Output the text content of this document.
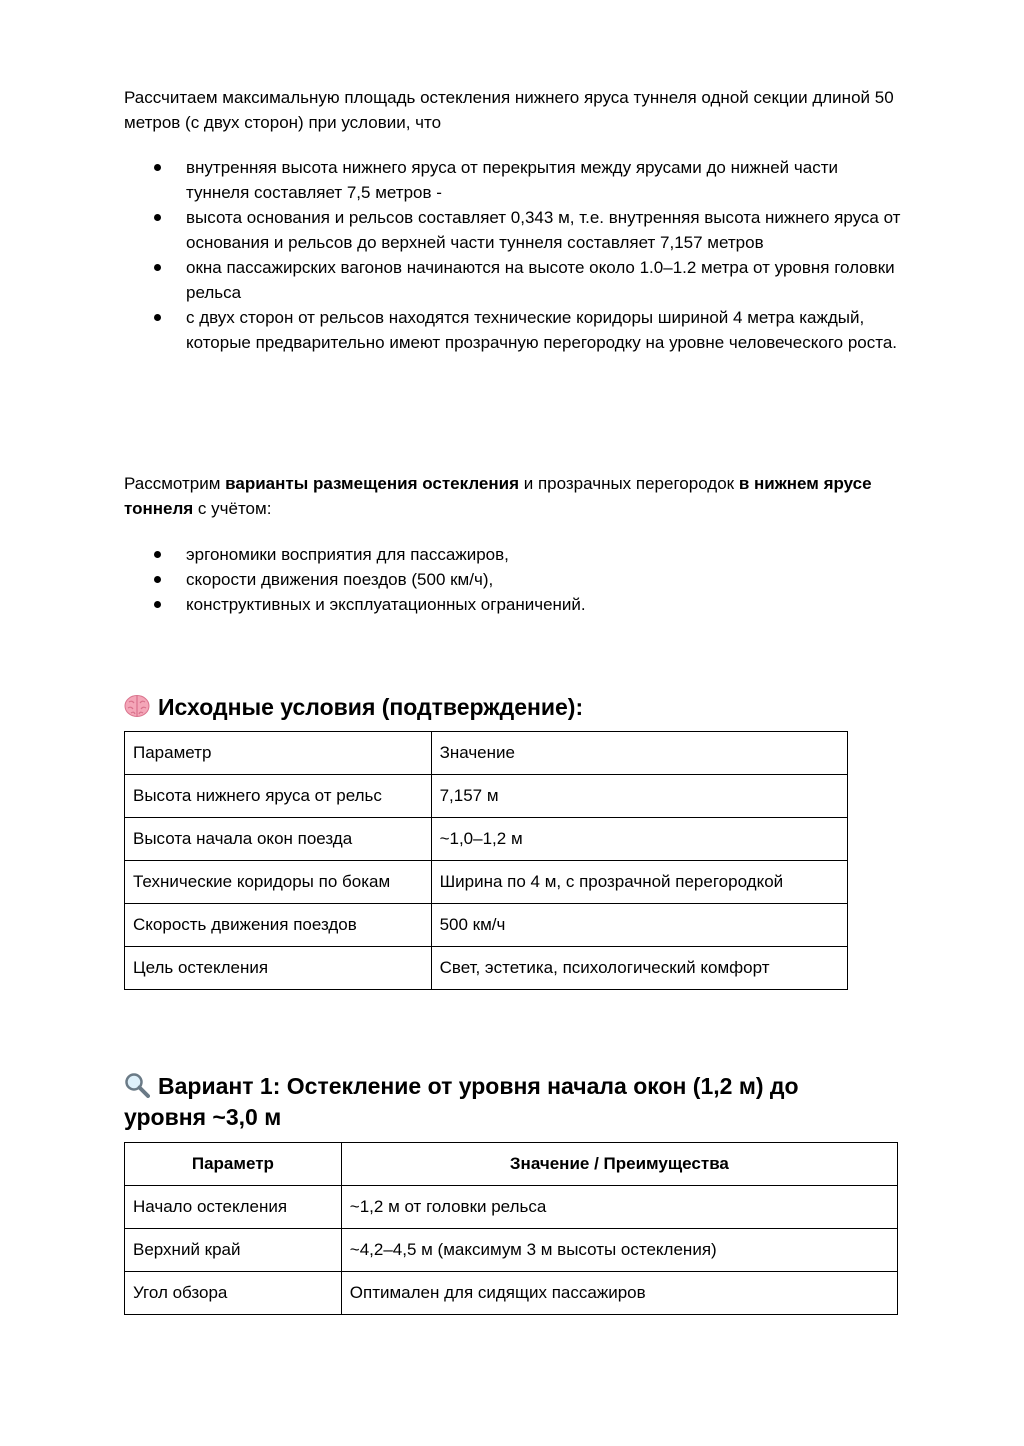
Рассчитаем максимальную площадь остекления нижнего яруса туннеля одной секции длиной 50 метров (с двух сторон) при условии, что

внутренняя высота нижнего яруса от перекрытия между ярусами до нижней части туннеля составляет 7,5 метров -
высота основания и рельсов составляет 0,343 м, т.е. внутренняя высота нижнего яруса от основания и рельсов до верхней части туннеля составляет 7,157 метров
окна пассажирских вагонов начинаются на высоте около 1.0–1.2 метра от уровня головки рельса
с двух сторон от рельсов находятся технические коридоры шириной 4 метра каждый, которые предварительно имеют прозрачную перегородку на уровне человеческого роста.

Рассмотрим варианты размещения остекления и прозрачных перегородок в нижнем ярусе тоннеля с учётом:

эргономики восприятия для пассажиров,
скорости движения поездов (500 км/ч),
конструктивных и эксплуатационных ограничений.
Исходные условия (подтверждение):
Параметр	Значение
Высота нижнего яруса от рельс	7,157 м
Высота начала окон поезда	~1,0–1,2 м
Технические коридоры по бокам	Ширина по 4 м, с прозрачной перегородкой
Скорость движения поездов	500 км/ч
Цель остекления	Свет, эстетика, психологический комфорт
Вариант 1: Остекление от уровня начала окон (1,2 м) до уровня ~3,0 м
Параметр	Значение / Преимущества
Начало остекления	~1,2 м от головки рельса
Верхний край	~4,2–4,5 м (максимум 3 м высоты остекления)
Угол обзора	Оптимален для сидящих пассажиров
